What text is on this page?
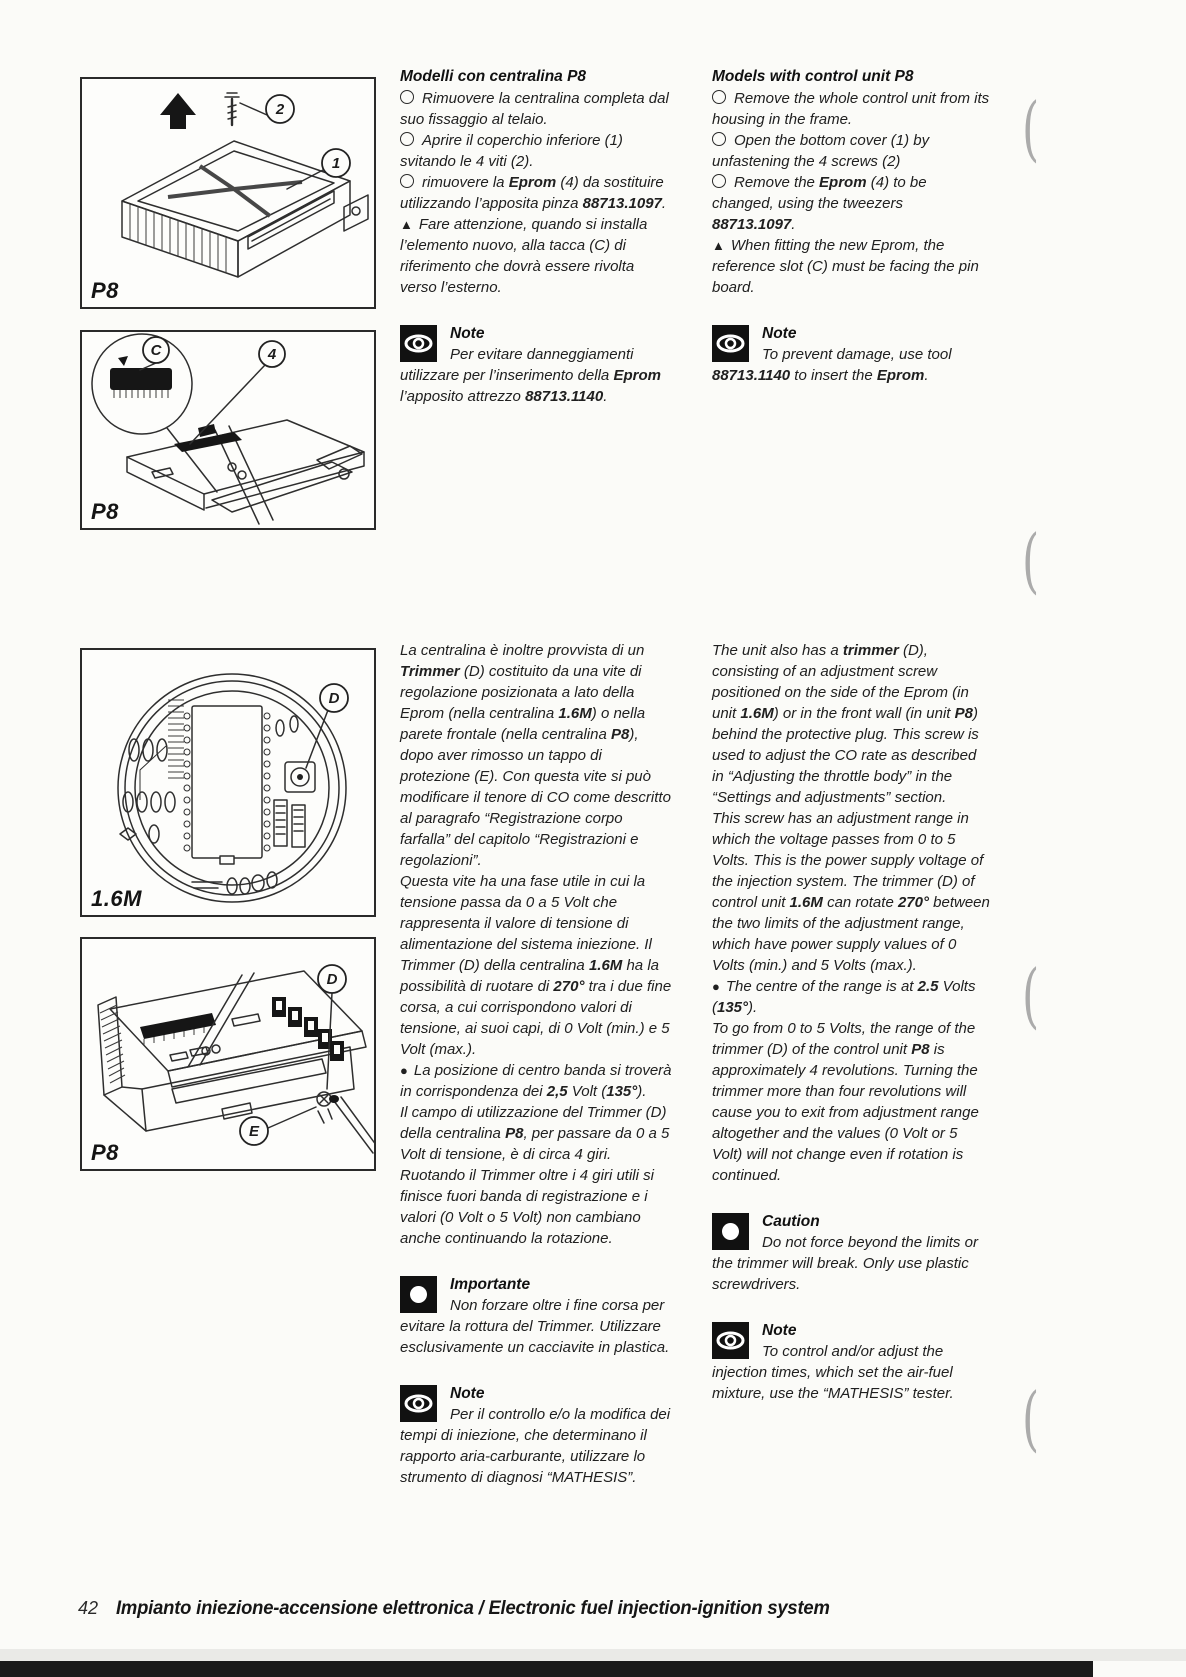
2
1
P8
C	4
P8
D
1.6M
D
E
P8

Modelli con centralina P8

Rimuovere la centralina completa dal suo fissaggio al telaio.

Aprire il coperchio inferiore (1) svitando le 4 viti (2).

rimuovere la Eprom (4) da sostituire utilizzando l’apposita pinza 88713.1097.

▲ Fare attenzione, quando si installa l’elemento nuovo, alla tacca (C) di riferimento che dovrà essere rivolta verso l’esterno.

Note
Per evitare danneggiamenti utilizzare per l’inserimento della Eprom l’apposito attrezzo 88713.1140.

Models with control unit P8

Remove the whole control unit from its housing in the frame.

Open the bottom cover (1) by unfastening the 4 screws (2)

Remove the Eprom (4) to be changed, using the tweezers 88713.1097.

▲ When fitting the new Eprom, the reference slot (C) must be facing the pin board.

Note
To prevent damage, use tool 88713.1140 to insert the Eprom.

La centralina è inoltre provvista di un Trimmer (D) costituito da una vite di regolazione posizionata a lato della Eprom (nella centralina 1.6M) o nella parete frontale (nella centralina P8), dopo aver rimosso un tappo di protezione (E). Con questa vite si può modificare il tenore di CO come descritto al paragrafo “Registrazione corpo farfalla” del capitolo “Registrazioni e regolazioni”.

Questa vite ha una fase utile in cui la tensione passa da 0 a 5 Volt che rappresenta il valore di tensione di alimentazione del sistema iniezione. Il Trimmer (D) della centralina 1.6M ha la possibilità di ruotare di 270° tra i due fine corsa, a cui corrispondono valori di tensione, ai suoi capi, di 0 Volt (min.) e 5 Volt (max.).

● La posizione di centro banda si troverà in corrispondenza dei 2,5 Volt (135°).

Il campo di utilizzazione del Trimmer (D) della centralina P8, per passare da 0 a 5 Volt di tensione, è di circa 4 giri. Ruotando il Trimmer oltre i 4 giri utili si finisce fuori banda di registrazione e i valori (0 Volt o 5 Volt) non cambiano anche continuando la rotazione.

Importante
Non forzare oltre i fine corsa per evitare la rottura del Trimmer. Utilizzare esclusivamente un cacciavite in plastica.
Note
Per il controllo e/o la modifica dei tempi di iniezione, che determinano il rapporto aria-carburante, utilizzare lo strumento di diagnosi “MATHESIS”.

The unit also has a trimmer (D), consisting of an adjustment screw positioned on the side of the Eprom (in unit 1.6M) or in the front wall (in unit P8) behind the protective plug. This screw is used to adjust the CO rate as described in “Adjusting the throttle body” in the “Settings and adjustments” section.

This screw has an adjustment range in which the voltage passes from 0 to 5 Volts. This is the power supply voltage of the injection system. The trimmer (D) of control unit 1.6M can rotate 270° between the two limits of the adjustment range, which have power supply values of 0 Volts (min.) and 5 Volts (max.).

● The centre of the range is at 2.5 Volts (135°).

To go from 0 to 5 Volts, the range of the trimmer (D) of the control unit P8 is approximately 4 revolutions. Turning the trimmer more than four revolutions will cause you to exit from adjustment range altogether and the values (0 Volt or 5 Volt) will not change even if rotation is continued.

Caution
Do not force beyond the limits or the trimmer will break. Only use plastic screwdrivers.
Note
To control and/or adjust the injection times, which set the air-fuel mixture, use the “MATHESIS” tester.
(
(
(
(
42 Impianto iniezione-accensione elettronica / Electronic fuel injection-ignition system
